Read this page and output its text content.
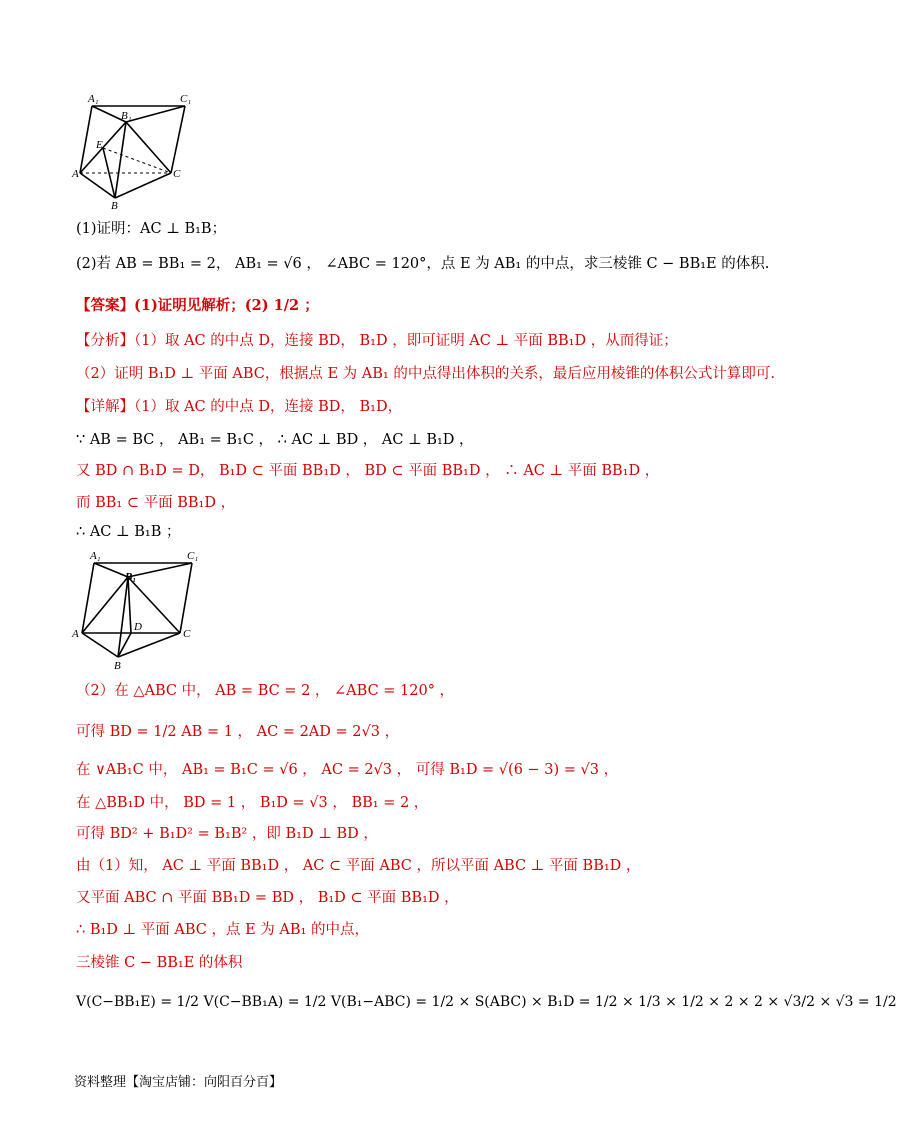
A₁	C₁
B₁
E
A	C
B
(1)证明：AC ⊥ B₁B；
(2)若 AB = BB₁ = 2， AB₁ = √6 ， ∠ABC = 120°，点 E 为 AB₁ 的中点，求三棱锥 C − BB₁E 的体积.
【答案】(1)证明见解析；(2) 1/2 ；
【分析】（1）取 AC 的中点 D，连接 BD， B₁D ，即可证明 AC ⊥ 平面 BB₁D ，从而得证；
（2）证明 B₁D ⊥ 平面 ABC，根据点 E 为 AB₁ 的中点得出体积的关系，最后应用棱锥的体积公式计算即可.
【详解】（1）取 AC 的中点 D，连接 BD， B₁D，
∵ AB = BC ， AB₁ = B₁C ， ∴ AC ⊥ BD ， AC ⊥ B₁D ，
又 BD ∩ B₁D = D， B₁D ⊂ 平面 BB₁D ， BD ⊂ 平面 BB₁D ， ∴ AC ⊥ 平面 BB₁D ，
而 BB₁ ⊂ 平面 BB₁D ，
∴ AC ⊥ B₁B ；
A₁	C₁
B₁
D
A	C
B
（2）在 △ABC 中， AB = BC = 2 ， ∠ABC = 120° ，
可得 BD = 1/2 AB = 1 ， AC = 2AD = 2√3 ，
在 ∨AB₁C 中， AB₁ = B₁C = √6 ， AC = 2√3 ， 可得 B₁D = √(6 − 3) = √3 ，
在 △BB₁D 中， BD = 1 ， B₁D = √3 ， BB₁ = 2 ，
可得 BD² + B₁D² = B₁B² ，即 B₁D ⊥ BD ，
由（1）知， AC ⊥ 平面 BB₁D ， AC ⊂ 平面 ABC ，所以平面 ABC ⊥ 平面 BB₁D ，
又平面 ABC ∩ 平面 BB₁D = BD ， B₁D ⊂ 平面 BB₁D ，
∴ B₁D ⊥ 平面 ABC ，点 E 为 AB₁ 的中点，
三棱锥 C − BB₁E 的体积
V(C−BB₁E) = 1/2 V(C−BB₁A) = 1/2 V(B₁−ABC) = 1/2 × S(ABC) × B₁D = 1/2 × 1/3 × 1/2 × 2 × 2 × √3/2 × √3 = 1/2
资料整理【淘宝店铺：向阳百分百】
